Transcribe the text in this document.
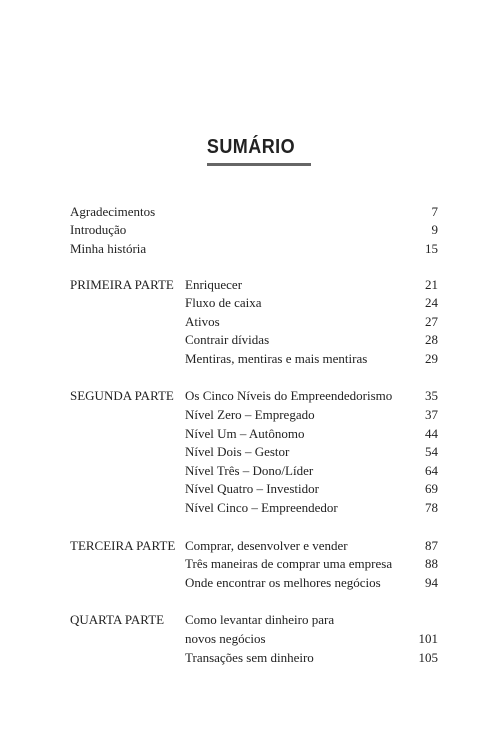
SUMÁRIO
Agradecimentos	7
Introdução	9
Minha história	15
PRIMEIRA PARTE Enriquecer	21
Fluxo de caixa	24
Ativos	27
Contrair dívidas	28
Mentiras, mentiras e mais mentiras	29
SEGUNDA PARTE Os Cinco Níveis do Empreendedorismo	35
Nível Zero – Empregado	37
Nível Um – Autônomo	44
Nível Dois – Gestor	54
Nível Três – Dono/Líder	64
Nível Quatro – Investidor	69
Nível Cinco – Empreendedor	78
TERCEIRA PARTE Comprar, desenvolver e vender	87
Três maneiras de comprar uma empresa	88
Onde encontrar os melhores negócios	94
QUARTA PARTE Como levantar dinheiro para
novos negócios	101
Transações sem dinheiro	105
